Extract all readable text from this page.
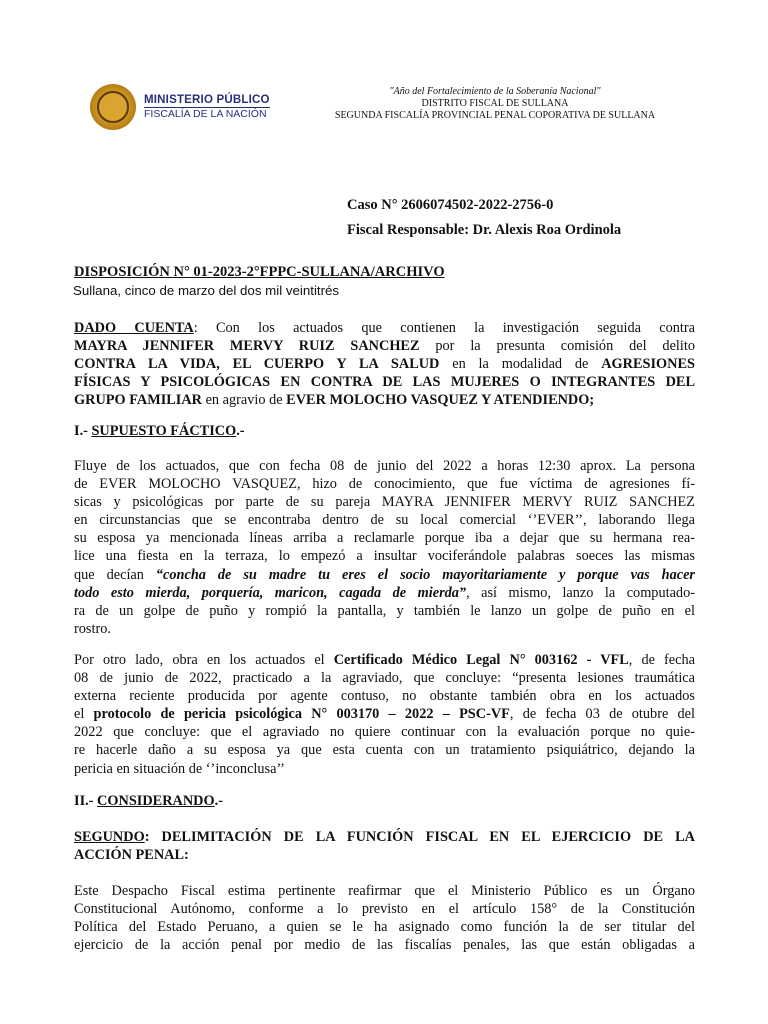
MINISTERIO PÚBLICO
FISCALÍA DE LA NACIÓN
"Año del Fortalecimiento de la Soberanía Nacional"
DISTRITO FISCAL DE SULLANA
SEGUNDA FISCALÍA PROVINCIAL PENAL COPORATIVA DE SULLANA
Caso N° 2606074502-2022-2756-0
Fiscal Responsable: Dr. Alexis Roa Ordinola
DISPOSICIÓN N° 01-2023-2°FPPC-SULLANA/ARCHIVO
Sullana, cinco de marzo del dos mil veintitrés
DADO CUENTA: Con los actuados que contienen la investigación seguida contra
MAYRA JENNIFER MERVY RUIZ SANCHEZ por la presunta comisión del delito
CONTRA LA VIDA, EL CUERPO Y LA SALUD en la modalidad de AGRESIONES
FÍSICAS Y PSICOLÓGICAS EN CONTRA DE LAS MUJERES O INTEGRANTES DEL
GRUPO FAMILIAR en agravio de EVER MOLOCHO VASQUEZ Y ATENDIENDO;
I.- SUPUESTO FÁCTICO.-
Fluye de los actuados, que con fecha 08 de junio del 2022 a horas 12:30 aprox. La persona
de EVER MOLOCHO VASQUEZ, hizo de conocimiento, que fue víctima de agresiones fí-
sicas y psicológicas por parte de su pareja MAYRA JENNIFER MERVY RUIZ SANCHEZ
en circunstancias que se encontraba dentro de su local comercial ‘’EVER’’, laborando llega
su esposa ya mencionada líneas arriba a reclamarle porque iba a dejar que su hermana rea-
lice una fiesta en la terraza, lo empezó a insultar vociferándole palabras soeces las mismas
que decían “concha de su madre tu eres el socio mayoritariamente y porque vas hacer
todo esto mierda, porquería, maricon, cagada de mierda”, así mismo, lanzo la computado-
ra de un golpe de puño y rompió la pantalla, y también le lanzo un golpe de puño en el
rostro.
Por otro lado, obra en los actuados el Certificado Médico Legal N° 003162 - VFL, de fecha
08 de junio de 2022, practicado a la agraviado, que concluye: “presenta lesiones traumática
externa reciente producida por agente contuso, no obstante también obra en los actuados
el protocolo de pericia psicológica N° 003170 – 2022 – PSC-VF, de fecha 03 de otubre del
2022 que concluye: que el agraviado no quiere continuar con la evaluación porque no quie-
re hacerle daño a su esposa ya que esta cuenta con un tratamiento psiquiátrico, dejando la
pericia en situación de ‘’inconclusa’’
II.- CONSIDERANDO.-
SEGUNDO: DELIMITACIÓN DE LA FUNCIÓN FISCAL EN EL EJERCICIO DE LA
ACCIÓN PENAL:
Este Despacho Fiscal estima pertinente reafirmar que el Ministerio Público es un Órgano
Constitucional Autónomo, conforme a lo previsto en el artículo 158° de la Constitución
Política del Estado Peruano, a quien se le ha asignado como función la de ser titular del
ejercicio de la acción penal por medio de las fiscalías penales, las que están obligadas a
